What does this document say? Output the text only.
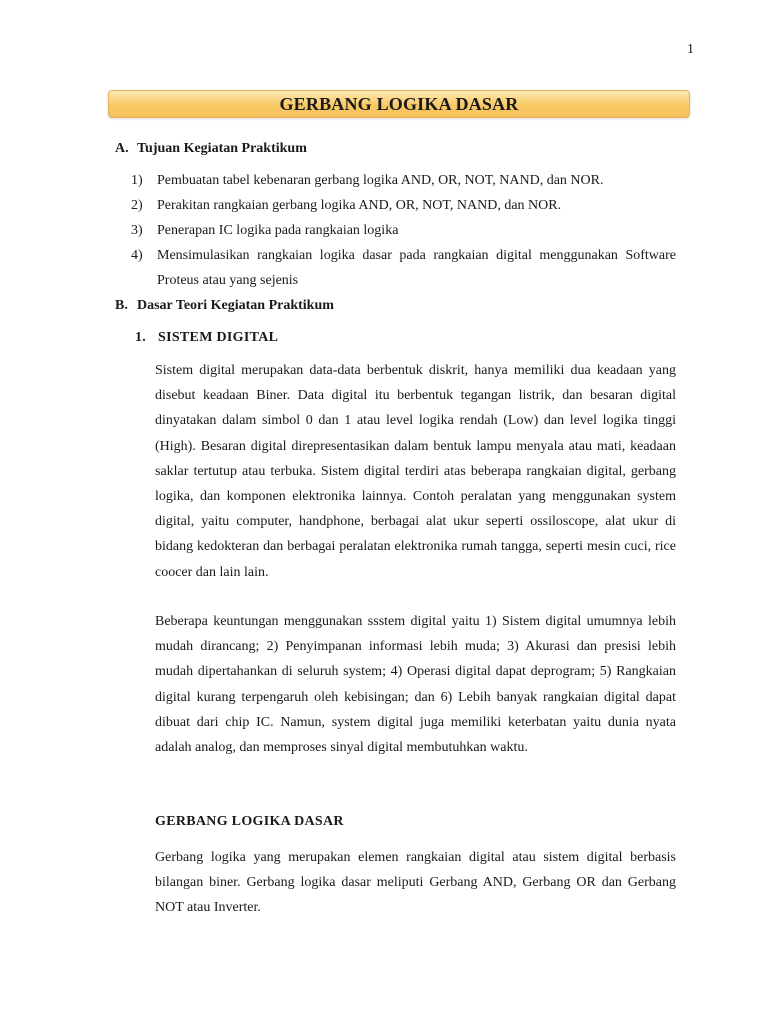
1
GERBANG LOGIKA DASAR
A. Tujuan Kegiatan Praktikum
1) Pembuatan tabel kebenaran gerbang logika AND, OR, NOT, NAND, dan NOR.
2) Perakitan rangkaian gerbang logika AND, OR, NOT, NAND, dan NOR.
3) Penerapan IC logika pada rangkaian logika
4) Mensimulasikan rangkaian logika dasar pada rangkaian digital menggunakan Software Proteus atau yang sejenis
B. Dasar Teori Kegiatan Praktikum
1. SISTEM DIGITAL

Sistem digital merupakan data-data berbentuk diskrit, hanya memiliki dua keadaan yang disebut keadaan Biner. Data digital itu berbentuk tegangan listrik, dan besaran digital dinyatakan dalam simbol 0 dan 1 atau level logika rendah (Low) dan level logika tinggi (High). Besaran digital direpresentasikan dalam bentuk lampu menyala atau mati, keadaan saklar tertutup atau terbuka. Sistem digital terdiri atas beberapa rangkaian digital, gerbang logika, dan komponen elektronika lainnya. Contoh peralatan yang menggunakan system digital, yaitu computer, handphone, berbagai alat ukur seperti ossiloscope, alat ukur di bidang kedokteran dan berbagai peralatan elektronika rumah tangga, seperti mesin cuci, rice coocer dan lain lain.

Beberapa keuntungan menggunakan ssstem digital yaitu 1) Sistem digital umumnya lebih mudah dirancang; 2) Penyimpanan informasi lebih muda; 3) Akurasi dan presisi lebih mudah dipertahankan di seluruh system; 4) Operasi digital dapat deprogram; 5) Rangkaian digital kurang terpengaruh oleh kebisingan; dan 6) Lebih banyak rangkaian digital dapat dibuat dari chip IC. Namun, system digital juga memiliki keterbatan yaitu dunia nyata adalah analog, dan memproses sinyal digital membutuhkan waktu.

GERBANG LOGIKA DASAR

Gerbang logika yang merupakan elemen rangkaian digital atau sistem digital berbasis bilangan biner. Gerbang logika dasar meliputi Gerbang AND, Gerbang OR dan Gerbang NOT atau Inverter.
